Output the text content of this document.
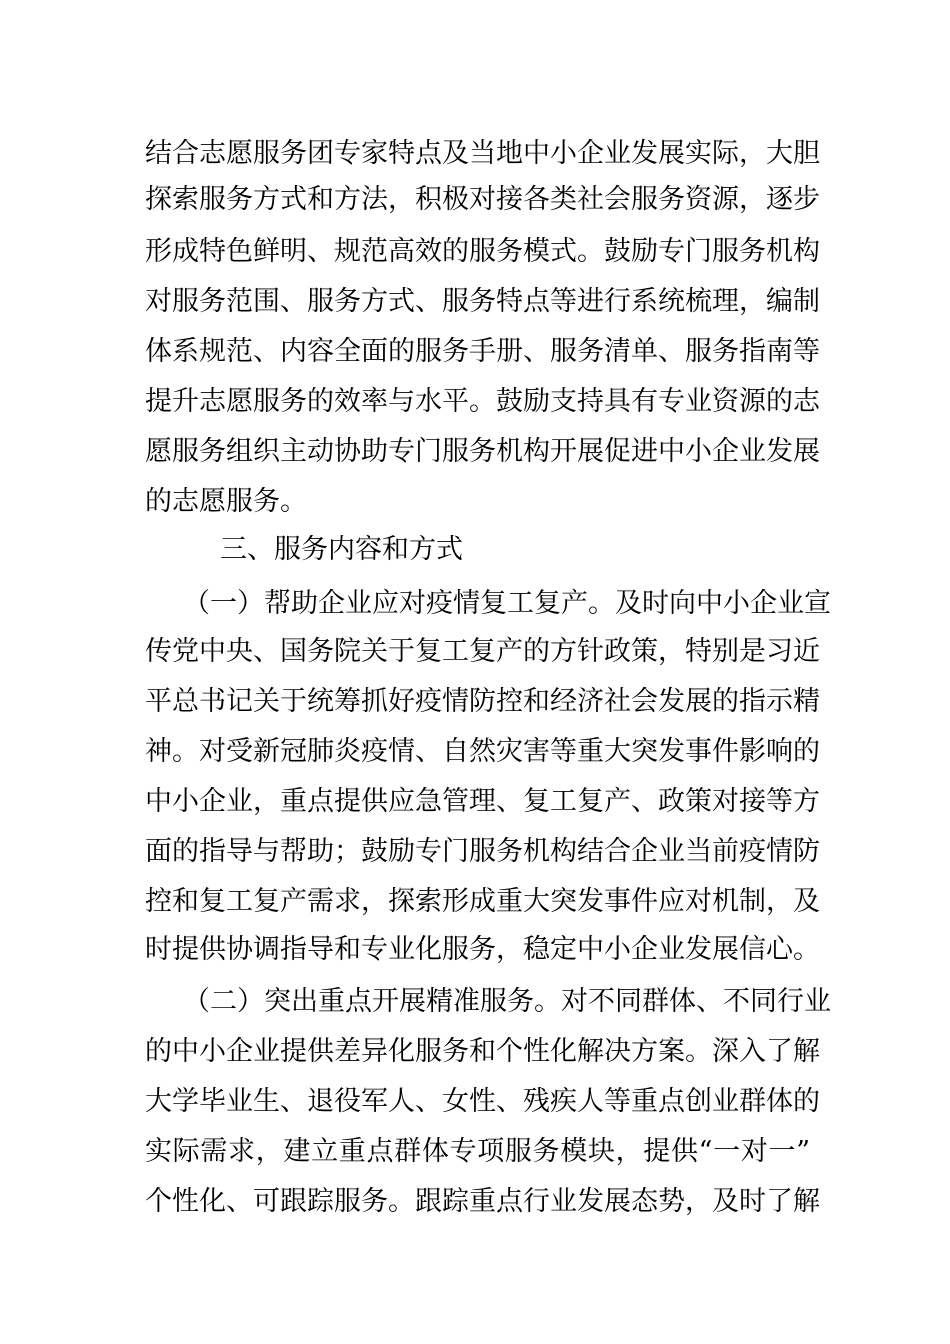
结合志愿服务团专家特点及当地中小企业发展实际，大胆
探索服务方式和方法，积极对接各类社会服务资源，逐步
形成特色鲜明、规范高效的服务模式。鼓励专门服务机构
对服务范围、服务方式、服务特点等进行系统梳理，编制
体系规范、内容全面的服务手册、服务清单、服务指南等
提升志愿服务的效率与水平。鼓励支持具有专业资源的志
愿服务组织主动协助专门服务机构开展促进中小企业发展
的志愿服务。
三、服务内容和方式
（一）帮助企业应对疫情复工复产。及时向中小企业宣
传党中央、国务院关于复工复产的方针政策，特别是习近
平总书记关于统筹抓好疫情防控和经济社会发展的指示精
神。对受新冠肺炎疫情、自然灾害等重大突发事件影响的
中小企业，重点提供应急管理、复工复产、政策对接等方
面的指导与帮助；鼓励专门服务机构结合企业当前疫情防
控和复工复产需求，探索形成重大突发事件应对机制，及
时提供协调指导和专业化服务，稳定中小企业发展信心。
（二）突出重点开展精准服务。对不同群体、不同行业
的中小企业提供差异化服务和个性化解决方案。深入了解
大学毕业生、退役军人、女性、残疾人等重点创业群体的
实际需求，建立重点群体专项服务模块，提供“一对一”
个性化、可跟踪服务。跟踪重点行业发展态势，及时了解
